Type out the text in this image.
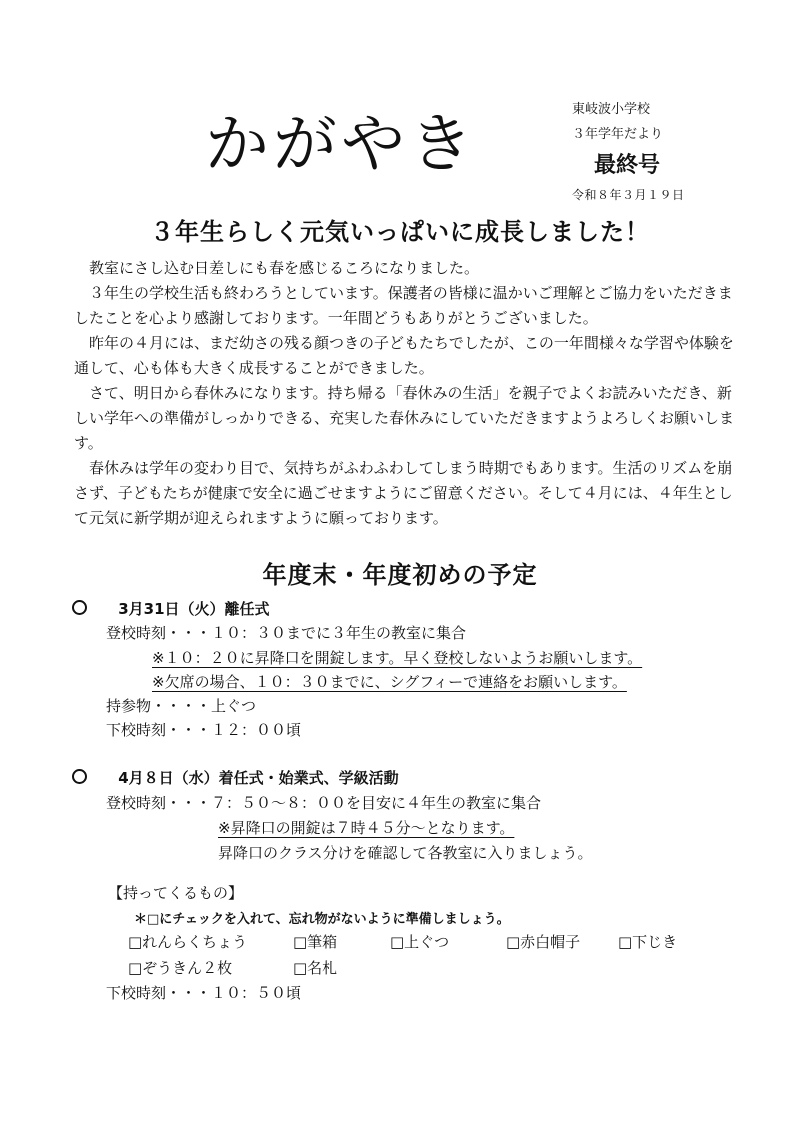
かがやき	東岐波小学校
３年学年だより
最終号
令和８年３月１９日
３年生らしく元気いっぱいに成長しました！

教室にさし込む日差しにも春を感じるころになりました。

３年生の学校生活も終わろうとしています。保護者の皆様に温かいご理解とご協力をいただきましたことを心より感謝しております。一年間どうもありがとうございました。

昨年の４月には、まだ幼さの残る顔つきの子どもたちでしたが、この一年間様々な学習や体験を通して、心も体も大きく成長することができました。

さて、明日から春休みになります。持ち帰る「春休みの生活」を親子でよくお読みいただき、新しい学年への準備がしっかりできる、充実した春休みにしていただきますようよろしくお願いします。

春休みは学年の変わり目で、気持ちがふわふわしてしまう時期でもあります。生活のリズムを崩さず、子どもたちが健康で安全に過ごせますようにご留意ください。そして４月には、４年生として元気に新学期が迎えられますように願っております。

年度末・年度初めの予定
3月31日（火）離任式
登校時刻・・・１０：３０までに３年生の教室に集合
※１０：２０に昇降口を開錠します。早く登校しないようお願いします。
※欠席の場合、１０：３０までに、シグフィーで連絡をお願いします。
持参物・・・・上ぐつ
下校時刻・・・１２：００頃
4月８日（水）着任式・始業式、学級活動
登校時刻・・・７：５０～８：００を目安に４年生の教室に集合
※昇降口の開錠は７時４５分～となります。
昇降口のクラス分けを確認して各教室に入りましょう。
【持ってくるもの】
＊□にチェックを入れて、忘れ物がないように準備しましょう。
□れんらくちょう	□筆箱	□上ぐつ	□赤白帽子	□下じき
□ぞうきん２枚	□名札
下校時刻・・・１０：５０頃
